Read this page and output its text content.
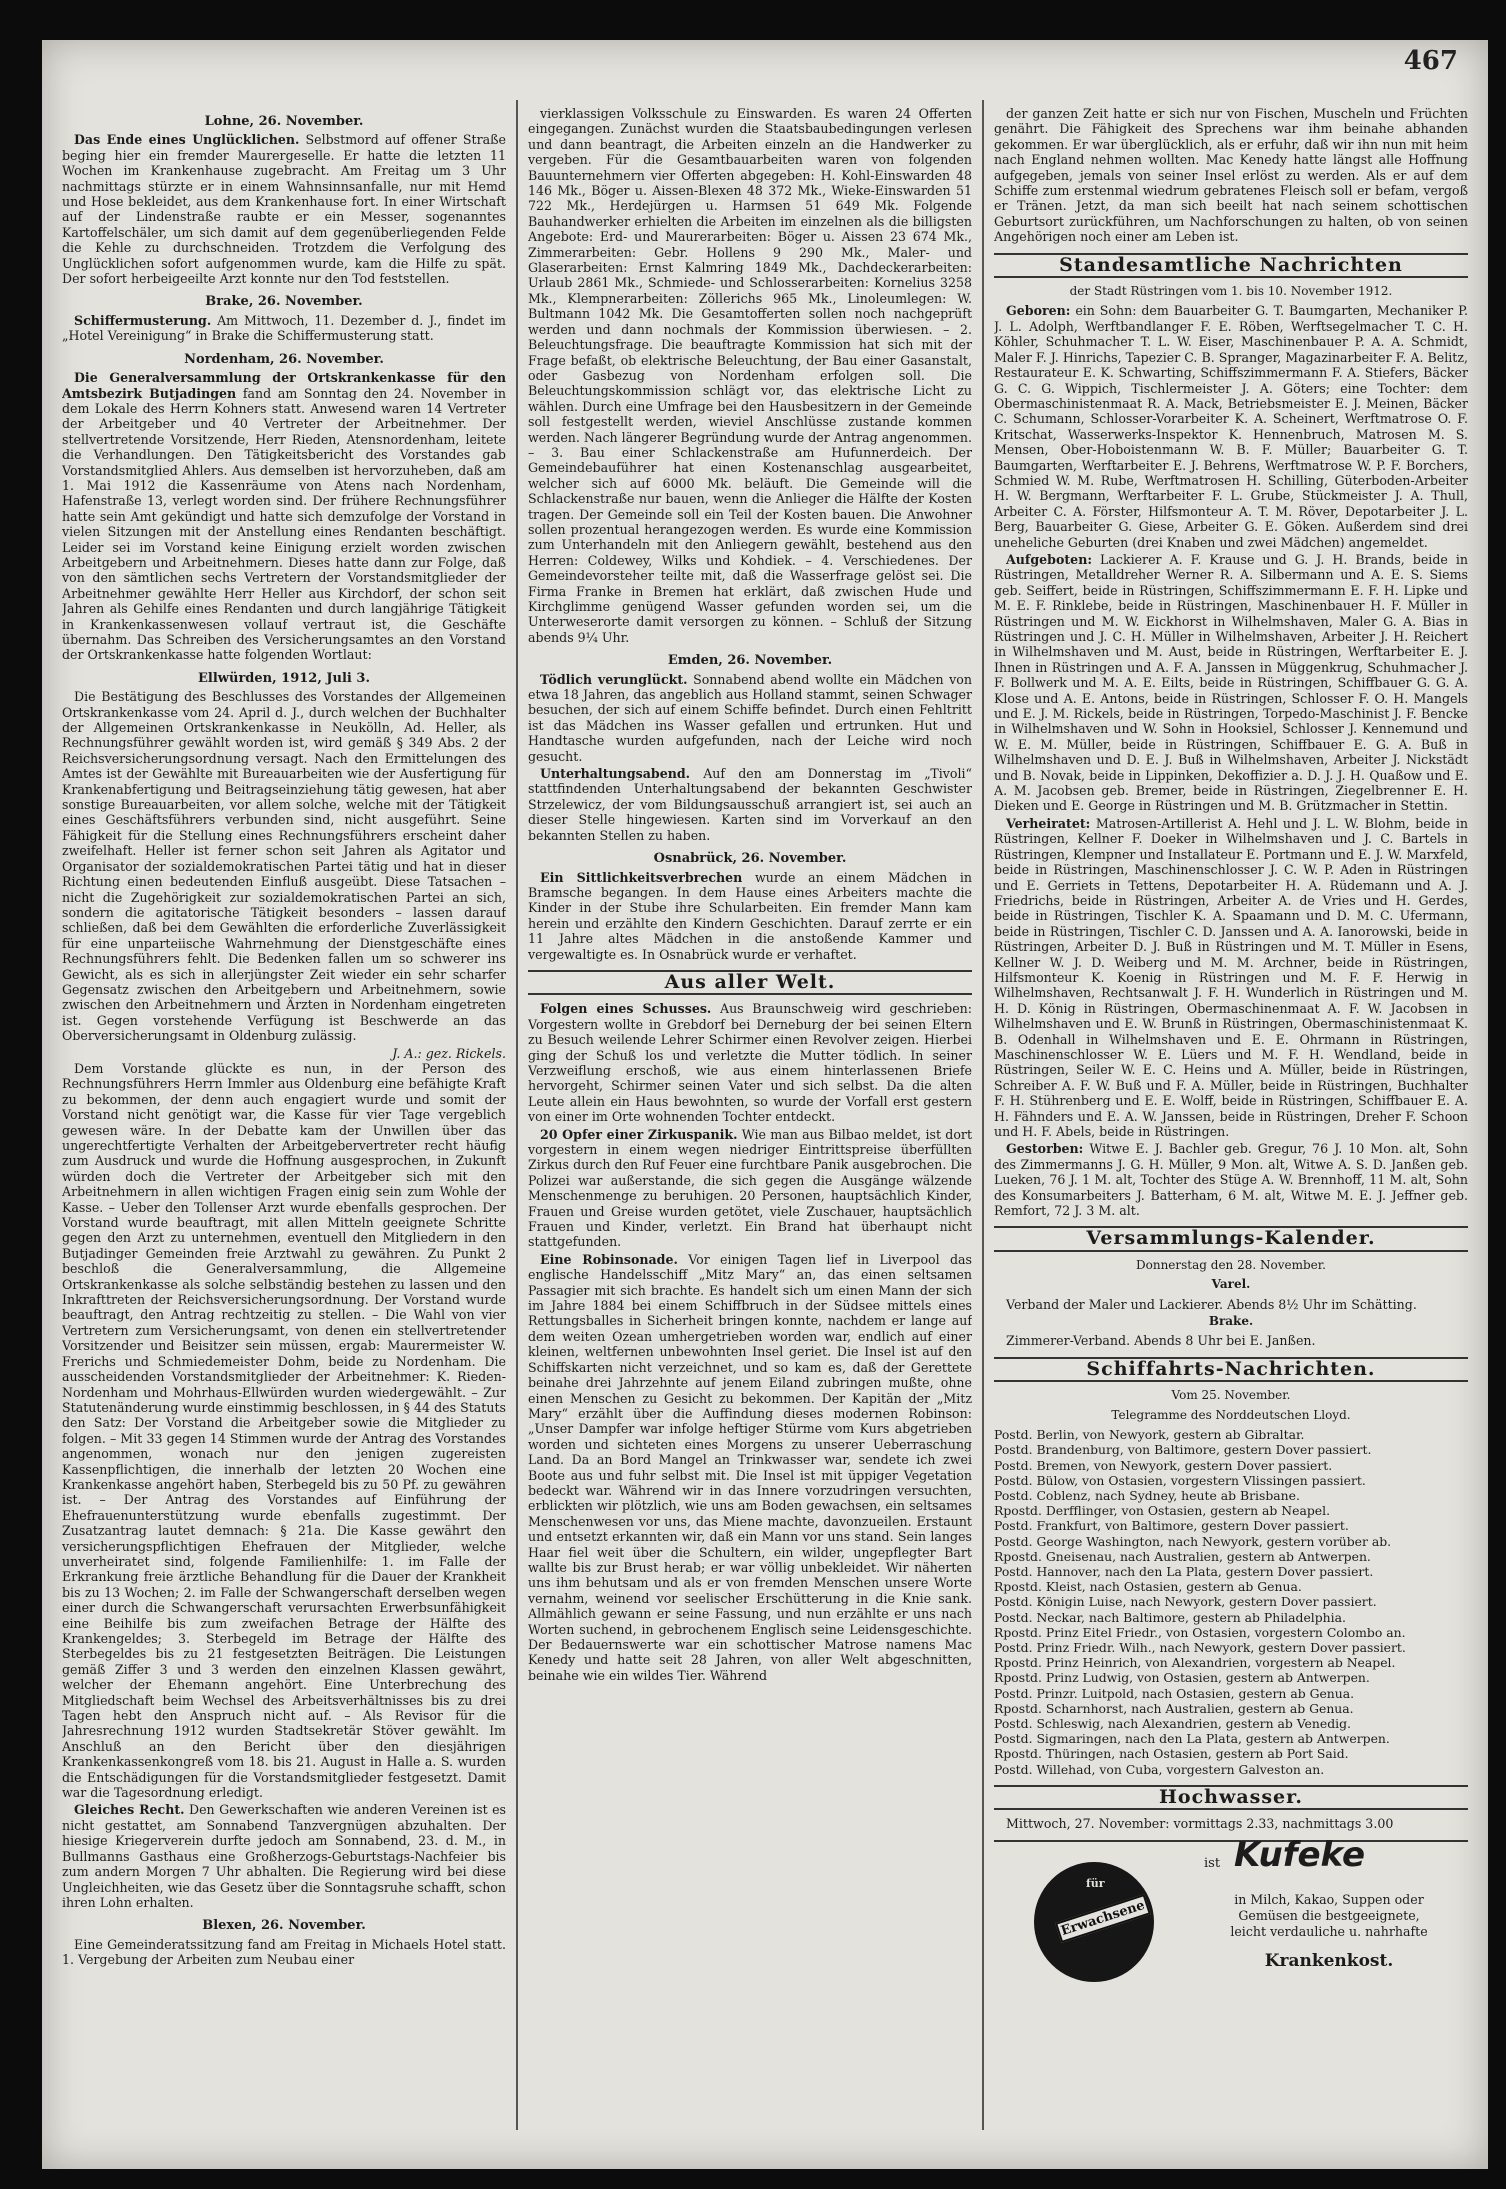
467
Lohne, 26. November.

Das Ende eines Unglücklichen. Selbstmord auf offener Straße beging hier ein fremder Maurergeselle. Er hatte die letzten 11 Wochen im Krankenhause zugebracht. Am Freitag um 3 Uhr nachmittags stürzte er in einem Wahnsinnsanfalle, nur mit Hemd und Hose bekleidet, aus dem Krankenhause fort. In einer Wirtschaft auf der Lindenstraße raubte er ein Messer, sogenanntes Kartoffelschäler, um sich damit auf dem gegenüberliegenden Felde die Kehle zu durchschneiden. Trotzdem die Verfolgung des Unglücklichen sofort aufgenommen wurde, kam die Hilfe zu spät. Der sofort herbeigeeilte Arzt konnte nur den Tod feststellen.

Brake, 26. November.

Schiffermusterung. Am Mittwoch, 11. Dezember d. J., findet im „Hotel Vereinigung“ in Brake die Schiffermusterung statt.

Nordenham, 26. November.

Die Generalversammlung der Ortskrankenkasse für den Amtsbezirk Butjadingen fand am Sonntag den 24. November in dem Lokale des Herrn Kohners statt. Anwesend waren 14 Vertreter der Arbeitgeber und 40 Vertreter der Arbeitnehmer. Der stellvertretende Vorsitzende, Herr Rieden, Atensnordenham, leitete die Verhandlungen. Den Tätigkeitsbericht des Vorstandes gab Vorstandsmitglied Ahlers. Aus demselben ist hervorzuheben, daß am 1. Mai 1912 die Kassenräume von Atens nach Nordenham, Hafenstraße 13, verlegt worden sind. Der frühere Rechnungsführer hatte sein Amt gekündigt und hatte sich demzufolge der Vorstand in vielen Sitzungen mit der Anstellung eines Rendanten beschäftigt. Leider sei im Vorstand keine Einigung erzielt worden zwischen Arbeitgebern und Arbeitnehmern. Dieses hatte dann zur Folge, daß von den sämtlichen sechs Vertretern der Vorstandsmitglieder der Arbeitnehmer gewählte Herr Heller aus Kirchdorf, der schon seit Jahren als Gehilfe eines Rendanten und durch langjährige Tätigkeit in Krankenkassenwesen vollauf vertraut ist, die Geschäfte übernahm. Das Schreiben des Versicherungsamtes an den Vorstand der Ortskrankenkasse hatte folgenden Wortlaut:

Ellwürden, 1912, Juli 3.

Die Bestätigung des Beschlusses des Vorstandes der Allgemeinen Ortskrankenkasse vom 24. April d. J., durch welchen der Buchhalter der Allgemeinen Ortskrankenkasse in Neukölln, Ad. Heller, als Rechnungsführer gewählt worden ist, wird gemäß § 349 Abs. 2 der Reichsversicherungsordnung versagt. Nach den Ermittelungen des Amtes ist der Gewählte mit Bureauarbeiten wie der Ausfertigung für Krankenabfertigung und Beitragseinziehung tätig gewesen, hat aber sonstige Bureauarbeiten, vor allem solche, welche mit der Tätigkeit eines Geschäftsführers verbunden sind, nicht ausgeführt. Seine Fähigkeit für die Stellung eines Rechnungsführers erscheint daher zweifelhaft. Heller ist ferner schon seit Jahren als Agitator und Organisator der sozialdemokratischen Partei tätig und hat in dieser Richtung einen bedeutenden Einfluß ausgeübt. Diese Tatsachen – nicht die Zugehörigkeit zur sozialdemokratischen Partei an sich, sondern die agitatorische Tätigkeit besonders – lassen darauf schließen, daß bei dem Gewählten die erforderliche Zuverlässigkeit für eine unparteiische Wahrnehmung der Dienstgeschäfte eines Rechnungsführers fehlt. Die Bedenken fallen um so schwerer ins Gewicht, als es sich in allerjüngster Zeit wieder ein sehr scharfer Gegensatz zwischen den Arbeitgebern und Arbeitnehmern, sowie zwischen den Arbeitnehmern und Ärzten in Nordenham eingetreten ist. Gegen vorstehende Verfügung ist Beschwerde an das Oberversicherungsamt in Oldenburg zulässig.

J. A.: gez. Rickels.

Dem Vorstande glückte es nun, in der Person des Rechnungsführers Herrn Immler aus Oldenburg eine befähigte Kraft zu bekommen, der denn auch engagiert wurde und somit der Vorstand nicht genötigt war, die Kasse für vier Tage vergeblich gewesen wäre. In der Debatte kam der Unwillen über das ungerechtfertigte Verhalten der Arbeitgebervertreter recht häufig zum Ausdruck und wurde die Hoffnung ausgesprochen, in Zukunft würden doch die Vertreter der Arbeitgeber sich mit den Arbeitnehmern in allen wichtigen Fragen einig sein zum Wohle der Kasse. – Ueber den Tollenser Arzt wurde ebenfalls gesprochen. Der Vorstand wurde beauftragt, mit allen Mitteln geeignete Schritte gegen den Arzt zu unternehmen, eventuell den Mitgliedern in den Butjadinger Gemeinden freie Arztwahl zu gewähren. Zu Punkt 2 beschloß die Generalversammlung, die Allgemeine Ortskrankenkasse als solche selbständig bestehen zu lassen und den Inkrafttreten der Reichsversicherungsordnung. Der Vorstand wurde beauftragt, den Antrag rechtzeitig zu stellen. – Die Wahl von vier Vertretern zum Versicherungsamt, von denen ein stellvertretender Vorsitzender und Beisitzer sein müssen, ergab: Maurermeister W. Frerichs und Schmiedemeister Dohm, beide zu Nordenham. Die ausscheidenden Vorstandsmitglieder der Arbeitnehmer: K. Rieden-Nordenham und Mohrhaus-Ellwürden wurden wiedergewählt. – Zur Statutenänderung wurde einstimmig beschlossen, in § 44 des Statuts den Satz: Der Vorstand die Arbeitgeber sowie die Mitglieder zu folgen. – Mit 33 gegen 14 Stimmen wurde der Antrag des Vorstandes angenommen, wonach nur den jenigen zugereisten Kassenpflichtigen, die innerhalb der letzten 20 Wochen eine Krankenkasse angehört haben, Sterbegeld bis zu 50 Pf. zu gewähren ist. – Der Antrag des Vorstandes auf Einführung der Ehefrauenunterstützung wurde ebenfalls zugestimmt. Der Zusatzantrag lautet demnach: § 21a. Die Kasse gewährt den versicherungspflichtigen Ehefrauen der Mitglieder, welche unverheiratet sind, folgende Familienhilfe: 1. im Falle der Erkrankung freie ärztliche Behandlung für die Dauer der Krankheit bis zu 13 Wochen; 2. im Falle der Schwangerschaft derselben wegen einer durch die Schwangerschaft verursachten Erwerbsunfähigkeit eine Beihilfe bis zum zweifachen Betrage der Hälfte des Krankengeldes; 3. Sterbegeld im Betrage der Hälfte des Sterbegeldes bis zu 21 festgesetzten Beiträgen. Die Leistungen gemäß Ziffer 3 und 3 werden den einzelnen Klassen gewährt, welcher der Ehemann angehört. Eine Unterbrechung des Mitgliedschaft beim Wechsel des Arbeitsverhältnisses bis zu drei Tagen hebt den Anspruch nicht auf. – Als Revisor für die Jahresrechnung 1912 wurden Stadtsekretär Stöver gewählt. Im Anschluß an den Bericht über den diesjährigen Krankenkassenkongreß vom 18. bis 21. August in Halle a. S. wurden die Entschädigungen für die Vorstandsmitglieder festgesetzt. Damit war die Tagesordnung erledigt.

Gleiches Recht. Den Gewerkschaften wie anderen Vereinen ist es nicht gestattet, am Sonnabend Tanzvergnügen abzuhalten. Der hiesige Kriegerverein durfte jedoch am Sonnabend, 23. d. M., in Bullmanns Gasthaus eine Großherzogs-Geburtstags-Nachfeier bis zum andern Morgen 7 Uhr abhalten. Die Regierung wird bei diese Ungleichheiten, wie das Gesetz über die Sonntagsruhe schafft, schon ihren Lohn erhalten.

Blexen, 26. November.

Eine Gemeinderatssitzung fand am Freitag in Michaels Hotel statt. 1. Vergebung der Arbeiten zum Neubau einer

vierklassigen Volksschule zu Einswarden. Es waren 24 Offerten eingegangen. Zunächst wurden die Staatsbaubedingungen verlesen und dann beantragt, die Arbeiten einzeln an die Handwerker zu vergeben. Für die Gesamtbauarbeiten waren von folgenden Bauunternehmern vier Offerten abgegeben: H. Kohl-Einswarden 48 146 Mk., Böger u. Aissen-Blexen 48 372 Mk., Wieke-Einswarden 51 722 Mk., Herdejürgen u. Harmsen 51 649 Mk. Folgende Bauhandwerker erhielten die Arbeiten im einzelnen als die billigsten Angebote: Erd- und Maurerarbeiten: Böger u. Aissen 23 674 Mk., Zimmerarbeiten: Gebr. Hollens 9 290 Mk., Maler- und Glaserarbeiten: Ernst Kalmring 1849 Mk., Dachdeckerarbeiten: Urlaub 2861 Mk., Schmiede- und Schlosserarbeiten: Kornelius 3258 Mk., Klempnerarbeiten: Zöllerichs 965 Mk., Linoleumlegen: W. Bultmann 1042 Mk. Die Gesamtofferten sollen noch nachgeprüft werden und dann nochmals der Kommission überwiesen. – 2. Beleuchtungsfrage. Die beauftragte Kommission hat sich mit der Frage befaßt, ob elektrische Beleuchtung, der Bau einer Gasanstalt, oder Gasbezug von Nordenham erfolgen soll. Die Beleuchtungskommission schlägt vor, das elektrische Licht zu wählen. Durch eine Umfrage bei den Hausbesitzern in der Gemeinde soll festgestellt werden, wieviel Anschlüsse zustande kommen werden. Nach längerer Begründung wurde der Antrag angenommen. – 3. Bau einer Schlackenstraße am Hufunnerdeich. Der Gemeindebauführer hat einen Kostenanschlag ausgearbeitet, welcher sich auf 6000 Mk. beläuft. Die Gemeinde will die Schlackenstraße nur bauen, wenn die Anlieger die Hälfte der Kosten tragen. Der Gemeinde soll ein Teil der Kosten bauen. Die Anwohner sollen prozentual herangezogen werden. Es wurde eine Kommission zum Unterhandeln mit den Anliegern gewählt, bestehend aus den Herren: Coldewey, Wilks und Kohdiek. – 4. Verschiedenes. Der Gemeindevorsteher teilte mit, daß die Wasserfrage gelöst sei. Die Firma Franke in Bremen hat erklärt, daß zwischen Hude und Kirchglimme genügend Wasser gefunden worden sei, um die Unterweserorte damit versorgen zu können. – Schluß der Sitzung abends 9¼ Uhr.

Emden, 26. November.

Tödlich verunglückt. Sonnabend abend wollte ein Mädchen von etwa 18 Jahren, das angeblich aus Holland stammt, seinen Schwager besuchen, der sich auf einem Schiffe befindet. Durch einen Fehltritt ist das Mädchen ins Wasser gefallen und ertrunken. Hut und Handtasche wurden aufgefunden, nach der Leiche wird noch gesucht.

Unterhaltungsabend. Auf den am Donnerstag im „Tivoli“ stattfindenden Unterhaltungsabend der bekannten Geschwister Strzelewicz, der vom Bildungsausschuß arrangiert ist, sei auch an dieser Stelle hingewiesen. Karten sind im Vorverkauf an den bekannten Stellen zu haben.

Osnabrück, 26. November.

Ein Sittlichkeitsverbrechen wurde an einem Mädchen in Bramsche begangen. In dem Hause eines Arbeiters machte die Kinder in der Stube ihre Schularbeiten. Ein fremder Mann kam herein und erzählte den Kindern Geschichten. Darauf zerrte er ein 11 Jahre altes Mädchen in die anstoßende Kammer und vergewaltigte es. In Osnabrück wurde er verhaftet.

Aus aller Welt.

Folgen eines Schusses. Aus Braunschweig wird geschrieben: Vorgestern wollte in Grebdorf bei Derneburg der bei seinen Eltern zu Besuch weilende Lehrer Schirmer einen Revolver zeigen. Hierbei ging der Schuß los und verletzte die Mutter tödlich. In seiner Verzweiflung erschoß, wie aus einem hinterlassenen Briefe hervorgeht, Schirmer seinen Vater und sich selbst. Da die alten Leute allein ein Haus bewohnten, so wurde der Vorfall erst gestern von einer im Orte wohnenden Tochter entdeckt.

20 Opfer einer Zirkuspanik. Wie man aus Bilbao meldet, ist dort vorgestern in einem wegen niedriger Eintrittspreise überfüllten Zirkus durch den Ruf Feuer eine furchtbare Panik ausgebrochen. Die Polizei war außerstande, die sich gegen die Ausgänge wälzende Menschenmenge zu beruhigen. 20 Personen, hauptsächlich Kinder, Frauen und Greise wurden getötet, viele Zuschauer, hauptsächlich Frauen und Kinder, verletzt. Ein Brand hat überhaupt nicht stattgefunden.

Eine Robinsonade. Vor einigen Tagen lief in Liverpool das englische Handelsschiff „Mitz Mary“ an, das einen seltsamen Passagier mit sich brachte. Es handelt sich um einen Mann der sich im Jahre 1884 bei einem Schiffbruch in der Südsee mittels eines Rettungsballes in Sicherheit bringen konnte, nachdem er lange auf dem weiten Ozean umhergetrieben worden war, endlich auf einer kleinen, weltfernen unbewohnten Insel geriet. Die Insel ist auf den Schiffskarten nicht verzeichnet, und so kam es, daß der Gerettete beinahe drei Jahrzehnte auf jenem Eiland zubringen mußte, ohne einen Menschen zu Gesicht zu bekommen. Der Kapitän der „Mitz Mary“ erzählt über die Auffindung dieses modernen Robinson: „Unser Dampfer war infolge heftiger Stürme vom Kurs abgetrieben worden und sichteten eines Morgens zu unserer Ueberraschung Land. Da an Bord Mangel an Trinkwasser war, sendete ich zwei Boote aus und fuhr selbst mit. Die Insel ist mit üppiger Vegetation bedeckt war. Während wir in das Innere vorzudringen versuchten, erblickten wir plötzlich, wie uns am Boden gewachsen, ein seltsames Menschenwesen vor uns, das Miene machte, davonzueilen. Erstaunt und entsetzt erkannten wir, daß ein Mann vor uns stand. Sein langes Haar fiel weit über die Schultern, ein wilder, ungepflegter Bart wallte bis zur Brust herab; er war völlig unbekleidet. Wir näherten uns ihm behutsam und als er von fremden Menschen unsere Worte vernahm, weinend vor seelischer Erschütterung in die Knie sank. Allmählich gewann er seine Fassung, und nun erzählte er uns nach Worten suchend, in gebrochenem Englisch seine Leidensgeschichte. Der Bedauernswerte war ein schottischer Matrose namens Mac Kenedy und hatte seit 28 Jahren, von aller Welt abgeschnitten, beinahe wie ein wildes Tier. Während

der ganzen Zeit hatte er sich nur von Fischen, Muscheln und Früchten genährt. Die Fähigkeit des Sprechens war ihm beinahe abhanden gekommen. Er war überglücklich, als er erfuhr, daß wir ihn nun mit heim nach England nehmen wollten. Mac Kenedy hatte längst alle Hoffnung aufgegeben, jemals von seiner Insel erlöst zu werden. Als er auf dem Schiffe zum erstenmal wiedrum gebratenes Fleisch soll er befam, vergoß er Tränen. Jetzt, da man sich beeilt hat nach seinem schottischen Geburtsort zurückführen, um Nachforschungen zu halten, ob von seinen Angehörigen noch einer am Leben ist.

Standesamtliche Nachrichten
der Stadt Rüstringen vom 1. bis 10. November 1912.

Geboren: ein Sohn: dem Bauarbeiter G. T. Baumgarten, Mechaniker P. J. L. Adolph, Werftbandlanger F. E. Röben, Werftsegelmacher T. C. H. Köhler, Schuhmacher T. L. W. Eiser, Maschinenbauer P. A. A. Schmidt, Maler F. J. Hinrichs, Tapezier C. B. Spranger, Magazinarbeiter F. A. Belitz, Restaurateur E. K. Schwarting, Schiffszimmermann F. A. Stiefers, Bäcker G. C. G. Wippich, Tischlermeister J. A. Göters; eine Tochter: dem Obermaschinistenmaat R. A. Mack, Betriebsmeister E. J. Meinen, Bäcker C. Schumann, Schlosser-Vorarbeiter K. A. Scheinert, Werftmatrose O. F. Kritschat, Wasserwerks-Inspektor K. Hennenbruch, Matrosen M. S. Mensen, Ober-Hoboistenmann W. B. F. Müller; Bauarbeiter G. T. Baumgarten, Werftarbeiter E. J. Behrens, Werftmatrose W. P. F. Borchers, Schmied W. M. Rube, Werftmatrosen H. Schilling, Güterboden-Arbeiter H. W. Bergmann, Werftarbeiter F. L. Grube, Stückmeister J. A. Thull, Arbeiter C. A. Förster, Hilfsmonteur A. T. M. Röver, Depotarbeiter J. L. Berg, Bauarbeiter G. Giese, Arbeiter G. E. Göken. Außerdem sind drei uneheliche Geburten (drei Knaben und zwei Mädchen) angemeldet.

Aufgeboten: Lackierer A. F. Krause und G. J. H. Brands, beide in Rüstringen, Metalldreher Werner R. A. Silbermann und A. E. S. Siems geb. Seiffert, beide in Rüstringen, Schiffszimmermann E. F. H. Lipke und M. E. F. Rinklebe, beide in Rüstringen, Maschinenbauer H. F. Müller in Rüstringen und M. W. Eickhorst in Wilhelmshaven, Maler G. A. Bias in Rüstringen und J. C. H. Müller in Wilhelmshaven, Arbeiter J. H. Reichert in Wilhelmshaven und M. Aust, beide in Rüstringen, Werftarbeiter E. J. Ihnen in Rüstringen und A. F. A. Janssen in Müggenkrug, Schuhmacher J. F. Bollwerk und M. A. E. Eilts, beide in Rüstringen, Schiffbauer G. G. A. Klose und A. E. Antons, beide in Rüstringen, Schlosser F. O. H. Mangels und E. J. M. Rickels, beide in Rüstringen, Torpedo-Maschinist J. F. Bencke in Wilhelmshaven und W. Sohn in Hooksiel, Schlosser J. Kennemund und W. E. M. Müller, beide in Rüstringen, Schiffbauer E. G. A. Buß in Wilhelmshaven und D. E. J. Buß in Wilhelmshaven, Arbeiter J. Nickstädt und B. Novak, beide in Lippinken, Dekoffizier a. D. J. J. H. Quaßow und E. A. M. Jacobsen geb. Bremer, beide in Rüstringen, Ziegelbrenner E. H. Dieken und E. George in Rüstringen und M. B. Grützmacher in Stettin.

Verheiratet: Matrosen-Artillerist A. Hehl und J. L. W. Blohm, beide in Rüstringen, Kellner F. Doeker in Wilhelmshaven und J. C. Bartels in Rüstringen, Klempner und Installateur E. Portmann und E. J. W. Marxfeld, beide in Rüstringen, Maschinenschlosser J. C. W. P. Aden in Rüstringen und E. Gerriets in Tettens, Depotarbeiter H. A. Rüdemann und A. J. Friedrichs, beide in Rüstringen, Arbeiter A. de Vries und H. Gerdes, beide in Rüstringen, Tischler K. A. Spaamann und D. M. C. Ufermann, beide in Rüstringen, Tischler C. D. Janssen und A. A. Ianorowski, beide in Rüstringen, Arbeiter D. J. Buß in Rüstringen und M. T. Müller in Esens, Kellner W. J. D. Weiberg und M. M. Archner, beide in Rüstringen, Hilfsmonteur K. Koenig in Rüstringen und M. F. F. Herwig in Wilhelmshaven, Rechtsanwalt J. F. H. Wunderlich in Rüstringen und M. H. D. König in Rüstringen, Obermaschinenmaat A. F. W. Jacobsen in Wilhelmshaven und E. W. Brunß in Rüstringen, Obermaschinistenmaat K. B. Odenhall in Wilhelmshaven und E. E. Ohrmann in Rüstringen, Maschinenschlosser W. E. Lüers und M. F. H. Wendland, beide in Rüstringen, Seiler W. E. C. Heins und A. Müller, beide in Rüstringen, Schreiber A. F. W. Buß und F. A. Müller, beide in Rüstringen, Buchhalter F. H. Stührenberg und E. E. Wolff, beide in Rüstringen, Schiffbauer E. A. H. Fähnders und E. A. W. Janssen, beide in Rüstringen, Dreher F. Schoon und H. F. Abels, beide in Rüstringen.

Gestorben: Witwe E. J. Bachler geb. Gregur, 76 J. 10 Mon. alt, Sohn des Zimmermanns J. G. H. Müller, 9 Mon. alt, Witwe A. S. D. Janßen geb. Lueken, 76 J. 1 M. alt, Tochter des Stüge A. W. Brennhoff, 11 M. alt, Sohn des Konsumarbeiters J. Batterham, 6 M. alt, Witwe M. E. J. Jeffner geb. Remfort, 72 J. 3 M. alt.

Versammlungs-Kalender.
Donnerstag den 28. November.
Varel.

Verband der Maler und Lackierer. Abends 8½ Uhr im Schätting.

Brake.

Zimmerer-Verband. Abends 8 Uhr bei E. Janßen.

Schiffahrts-Nachrichten.
Vom 25. November.
Telegramme des Norddeutschen Lloyd.

Postd. Berlin, von Newyork, gestern ab Gibraltar.

Postd. Brandenburg, von Baltimore, gestern Dover passiert.

Postd. Bremen, von Newyork, gestern Dover passiert.

Postd. Bülow, von Ostasien, vorgestern Vlissingen passiert.

Postd. Coblenz, nach Sydney, heute ab Brisbane.

Rpostd. Derfflinger, von Ostasien, gestern ab Neapel.

Postd. Frankfurt, von Baltimore, gestern Dover passiert.

Postd. George Washington, nach Newyork, gestern vorüber ab.

Rpostd. Gneisenau, nach Australien, gestern ab Antwerpen.

Postd. Hannover, nach den La Plata, gestern Dover passiert.

Rpostd. Kleist, nach Ostasien, gestern ab Genua.

Postd. Königin Luise, nach Newyork, gestern Dover passiert.

Postd. Neckar, nach Baltimore, gestern ab Philadelphia.

Rpostd. Prinz Eitel Friedr., von Ostasien, vorgestern Colombo an.

Postd. Prinz Friedr. Wilh., nach Newyork, gestern Dover passiert.

Rpostd. Prinz Heinrich, von Alexandrien, vorgestern ab Neapel.

Rpostd. Prinz Ludwig, von Ostasien, gestern ab Antwerpen.

Postd. Prinzr. Luitpold, nach Ostasien, gestern ab Genua.

Rpostd. Scharnhorst, nach Australien, gestern ab Genua.

Postd. Schleswig, nach Alexandrien, gestern ab Venedig.

Postd. Sigmaringen, nach den La Plata, gestern ab Antwerpen.

Rpostd. Thüringen, nach Ostasien, gestern ab Port Said.

Postd. Willehad, von Cuba, vorgestern Galveston an.

Hochwasser.

Mittwoch, 27. November: vormittags 2.33, nachmittags 3.00

für
Erwachsene
ist Kufeke
in Milch, Kakao, Suppen oder
Gemüsen die bestgeeignete,
leicht verdauliche u. nahrhafte
Krankenkost.
